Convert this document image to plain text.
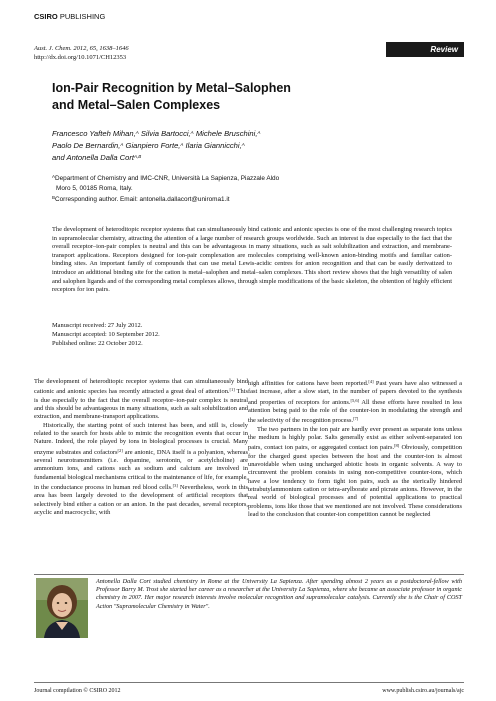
CSIRO PUBLISHING
Review
Aust. J. Chem. 2012, 65, 1638–1646
http://dx.doi.org/10.1071/CH12353
Ion-Pair Recognition by Metal–Salophen
and Metal–Salen Complexes
Francesco Yafteh Mihan,$^A$ Silvia Bartocci,$^A$ Michele Bruschini,$^A$
Paolo De Bernardin,$^A$ Gianpiero Forte,$^A$ Ilaria Giannicchi,$^A$
and Antonella Dalla Cort$^{A,B}$
$^A$Department of Chemistry and IMC-CNR, Università La Sapienza, Piazzale Aldo
Moro 5, 00185 Roma, Italy.
$^B$Corresponding author. Email: antonella.dallacort@uniroma1.it
The development of heteroditopic receptor systems that can simultaneously bind cationic and anionic species is one of the most challenging research topics in supramolecular chemistry, attracting the attention of a large number of research groups worldwide. Such an interest is due especially to the fact that the overall receptor–ion-pair complex is neutral and this can be advantageous in many situations, such as salt solubilization and extraction, and membrane-transport applications. Receptors designed for ion-pair complexation are molecules comprising well-known anion-binding motifs and familiar cation-binding sites. An important family of compounds that can use metal Lewis-acidic centres for anion recognition and that can be easily derivatized to introduce an additional binding site for the cation is metal–salophen and metal–salen complexes. This short review shows that the high versatility of salen and salophen ligands and of the corresponding metal complexes allows, through simple modifications of the basic skeleton, the obtention of highly efficient receptors for ion pairs.
Manuscript received: 27 July 2012.
Manuscript accepted: 10 September 2012.
Published online: 22 October 2012.

The development of heteroditopic receptor systems that can simultaneously bind cationic and anionic species has recently attracted a great deal of attention.[1] This is due especially to the fact that the overall receptor–ion-pair complex is neutral and this should be advantageous in many situations, such as salt solubilization and extraction, and membrane-transport applications.

Historically, the starting point of such interest has been, and still is, closely related to the search for hosts able to mimic the recognition events that occur in Nature. Indeed, the role played by ions in biological processes is crucial. Many enzyme substrates and cofactors[2] are anionic, DNA itself is a polyanion, whereas several neurotransmitters (i.e. dopamine, serotonin, or acetylcholine) are ammonium ions, and cations such as sodium and calcium are involved in fundamental biological mechanisms critical to the maintenance of life, for example, in the conductance process in human red blood cells.[3] Nevertheless, work in this area has been largely devoted to the development of artificial receptors that selectively bind either a cation or an anion. In the past decades, several receptors, acyclic and macrocyclic, with

high affinities for cations have been reported.[4] Past years have also witnessed a fast increase, after a slow start, in the number of papers devoted to the synthesis and properties of receptors for anions.[5,6] All these efforts have resulted in less attention being paid to the role of the counter-ion in modulating the strength and the selectivity of the recognition process.[7]

The two partners in the ion pair are hardly ever present as separate ions unless the medium is highly polar. Salts generally exist as either solvent-separated ion pairs, contact ion pairs, or aggregated contact ion pairs.[8] Obviously, competition for the charged guest species between the host and the counter-ion is almost unavoidable when using uncharged abiotic hosts in organic solvents. A way to circumvent the problem consists in using non-competitive counter-ions, which have a low tendency to form tight ion pairs, such as the sterically hindered tetrabutylammonium cation or tetra-arylborate and picrate anions. However, in the real world of biological processes and of potential applications to practical problems, ions like those that we mentioned are not involved. These considerations lead to the conclusion that counter-ion competition cannot be neglected

Antonella Dalla Cort studied chemistry in Rome at the University La Sapienza. After spending almost 2 years as a postdoctoral-fellow with Professor Barry M. Trost she started her career as a researcher at the University La Sapienza, where she became an associate professor in organic chemistry in 2007. Her major research interests involve molecular recognition and supramolecular catalysis. Currently she is the Chair of COST Action "Supramolecular Chemistry in Water".
Journal compilation © CSIRO 2012	www.publish.csiro.au/journals/ajc
